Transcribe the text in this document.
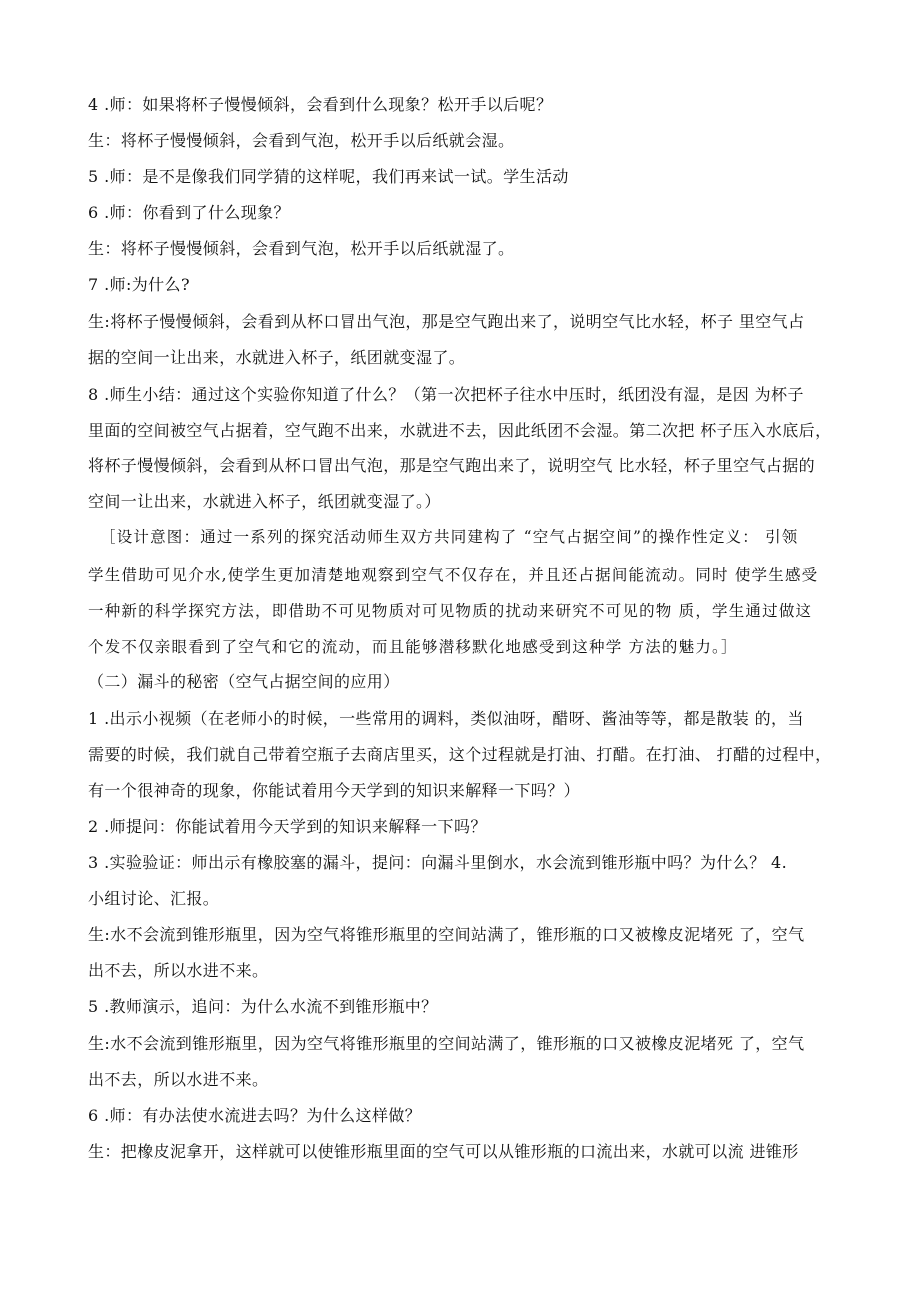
4 .师：如果将杯子慢慢倾斜，会看到什么现象？松开手以后呢？
生：将杯子慢慢倾斜，会看到气泡，松开手以后纸就会湿。
5 .师：是不是像我们同学猜的这样呢，我们再来试一试。学生活动
6 .师：你看到了什么现象？
生：将杯子慢慢倾斜，会看到气泡，松开手以后纸就湿了。
7 .师:为什么?
生:将杯子慢慢倾斜，会看到从杯口冒出气泡，那是空气跑出来了，说明空气比水轻，杯子 里空气占
据的空间一让出来，水就进入杯子，纸团就变湿了。
8 .师生小结：通过这个实验你知道了什么？（第一次把杯子往水中压时，纸团没有湿，是因 为杯子
里面的空间被空气占据着，空气跑不出来，水就进不去，因此纸团不会湿。第二次把 杯子压入水底后，
将杯子慢慢倾斜，会看到从杯口冒出气泡，那是空气跑出来了，说明空气 比水轻，杯子里空气占据的
空间一让出来，水就进入杯子，纸团就变湿了。）
［设计意图：通过一系列的探究活动师生双方共同建构了 “空气占据空间”的操作性定义： 引领
学生借助可见介水,使学生更加清楚地观察到空气不仅存在，并且还占据间能流动。同时 使学生感受
一种新的科学探究方法，即借助不可见物质对可见物质的扰动来研究不可见的物 质，学生通过做这
个发不仅亲眼看到了空气和它的流动，而且能够潜移默化地感受到这种学 方法的魅力。］
（二）漏斗的秘密（空气占据空间的应用）
1 .出示小视频（在老师小的时候，一些常用的调料，类似油呀，醋呀、酱油等等，都是散装 的，当
需要的时候，我们就自己带着空瓶子去商店里买，这个过程就是打油、打醋。在打油、 打醋的过程中，
有一个很神奇的现象，你能试着用今天学到的知识来解释一下吗？）
2 .师提问：你能试着用今天学到的知识来解释一下吗？
3 .实验验证：师出示有橡胶塞的漏斗，提问：向漏斗里倒水，水会流到锥形瓶中吗？为什么？ 4.
小组讨论、汇报。
生:水不会流到锥形瓶里，因为空气将锥形瓶里的空间站满了，锥形瓶的口又被橡皮泥堵死 了，空气
出不去，所以水进不来。
5 .教师演示，追问：为什么水流不到锥形瓶中？
生:水不会流到锥形瓶里，因为空气将锥形瓶里的空间站满了，锥形瓶的口又被橡皮泥堵死 了，空气
出不去，所以水进不来。
6 .师：有办法使水流进去吗？为什么这样做？
生：把橡皮泥拿开，这样就可以使锥形瓶里面的空气可以从锥形瓶的口流出来，水就可以流 进锥形
